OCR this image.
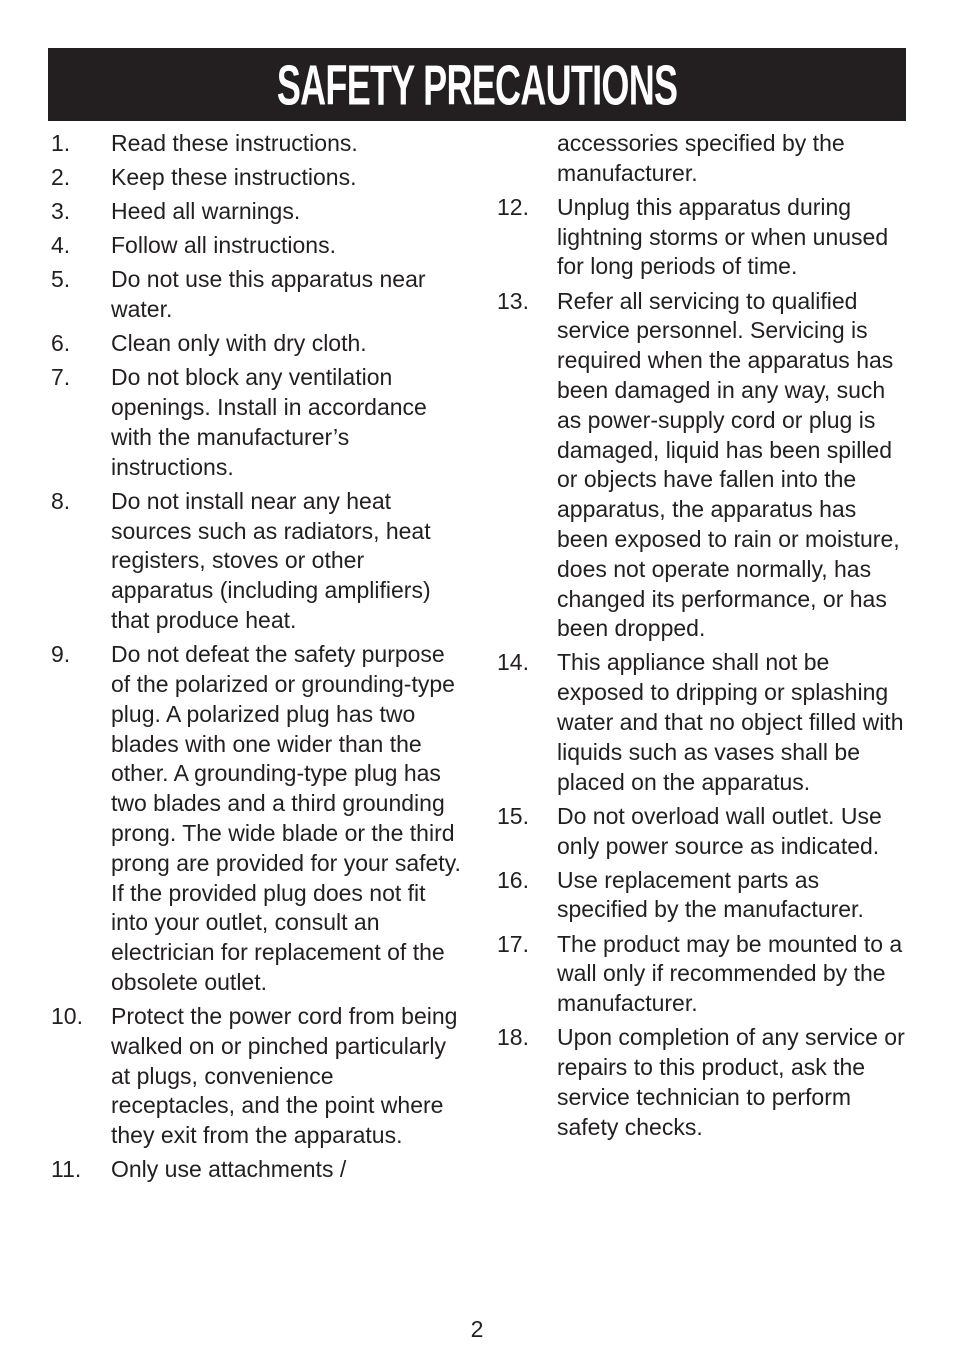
SAFETY PRECAUTIONS
1.	Read these instructions.
2.	Keep these instructions.
3.	Heed all warnings.
4.	Follow all instructions.
5.	Do not use this apparatus near water.
6.	Clean only with dry cloth.
7.	Do not block any ventilation openings. Install in accordance with the manufacturer’s instructions.
8.	Do not install near any heat sources such as radiators, heat registers, stoves or other apparatus (including amplifiers) that produce heat.
9.	Do not defeat the safety purpose of the polarized or grounding-type plug. A polarized plug has two blades with one wider than the other. A grounding-type plug has two blades and a third grounding prong. The wide blade or the third prong are provided for your safety. If the provided plug does not fit into your outlet, consult an electrician for replacement of the obsolete outlet.
10.	Protect the power cord from being walked on or pinched particularly at plugs, convenience receptacles, and the point where they exit from the apparatus.
11.	Only use attachments /
accessories specified by the manufacturer.
12.	Unplug this apparatus during lightning storms or when unused for long periods of time.
13.	Refer all servicing to qualified service personnel. Servicing is required when the apparatus has been damaged in any way, such as power-supply cord or plug is damaged, liquid has been spilled or objects have fallen into the apparatus, the apparatus has been exposed to rain or moisture, does not operate normally, has changed its performance, or has been dropped.
14.	This appliance shall not be exposed to dripping or splashing water and that no object filled with liquids such as vases shall be placed on the apparatus.
15.	Do not overload wall outlet. Use only power source as indicated.
16.	Use replacement parts as specified by the manufacturer.
17.	The product may be mounted to a wall only if recommended by the manufacturer.
18.	Upon completion of any service or repairs to this product, ask the service technician to perform safety checks.
2
